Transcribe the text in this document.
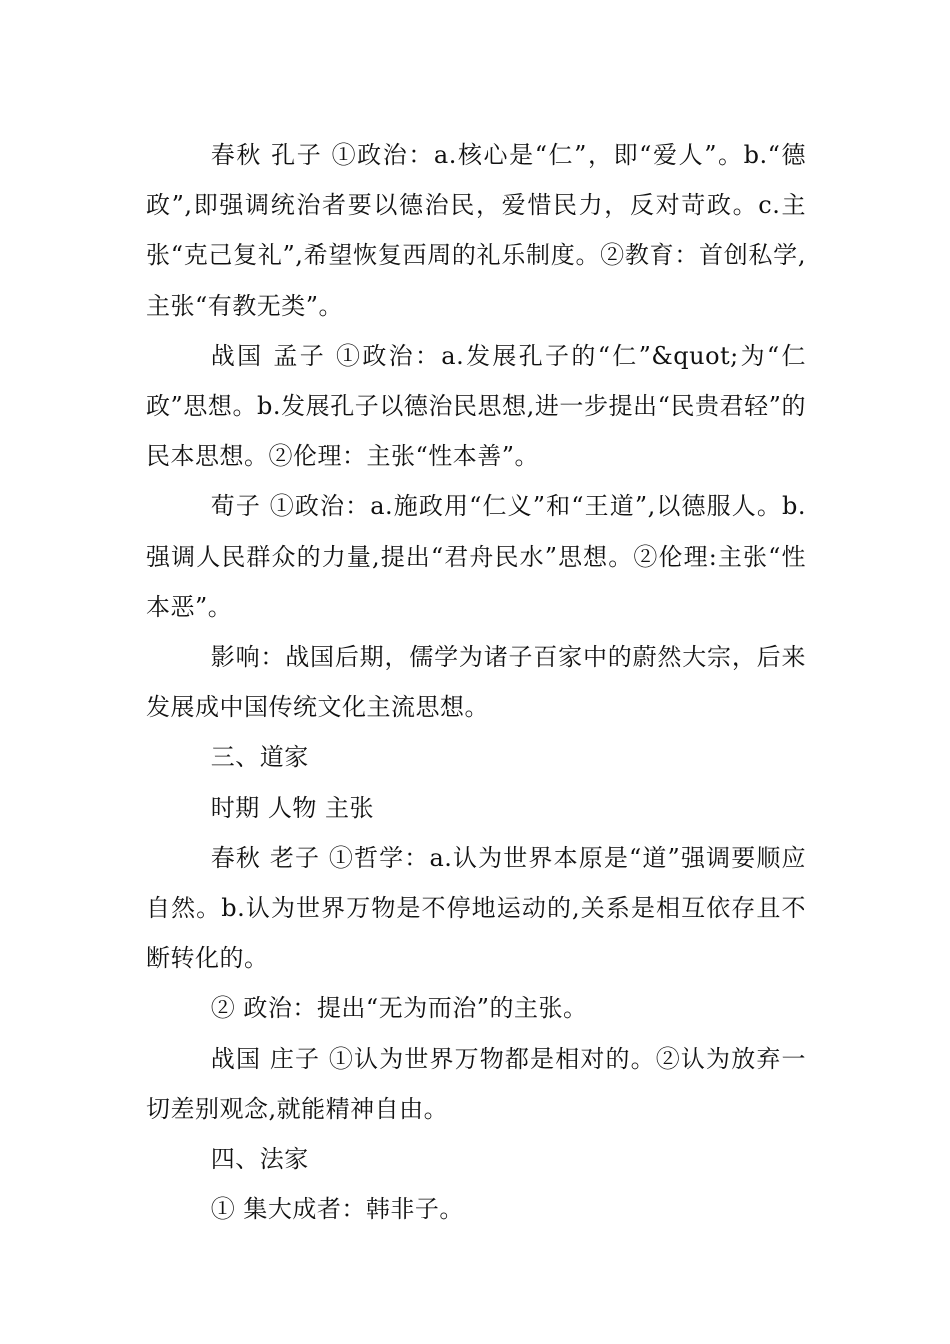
春秋 孔子 ①政治：a.核心是“仁”，即“爱人”。b.“德政”,即强调统治者要以德治民，爱惜民力，反对苛政。c.主张“克己复礼”,希望恢复西周的礼乐制度。②教育：首创私学,主张“有教无类”。

战国 孟子 ①政治：a.发展孔子的“仁”&quot;为“仁政”思想。b.发展孔子以德治民思想,进一步提出“民贵君轻”的民本思想。②伦理：主张“性本善”。

荀子 ①政治：a.施政用“仁义”和“王道”,以德服人。b.强调人民群众的力量,提出“君舟民水”思想。②伦理:主张“性本恶”。

影响：战国后期，儒学为诸子百家中的蔚然大宗，后来发展成中国传统文化主流思想。

三、道家

时期 人物 主张

春秋 老子 ①哲学：a.认为世界本原是“道”强调要顺应自然。b.认为世界万物是不停地运动的,关系是相互依存且不断转化的。

② 政治：提出“无为而治”的主张。

战国 庄子 ①认为世界万物都是相对的。②认为放弃一切差别观念,就能精神自由。

四、法家

① 集大成者：韩非子。
